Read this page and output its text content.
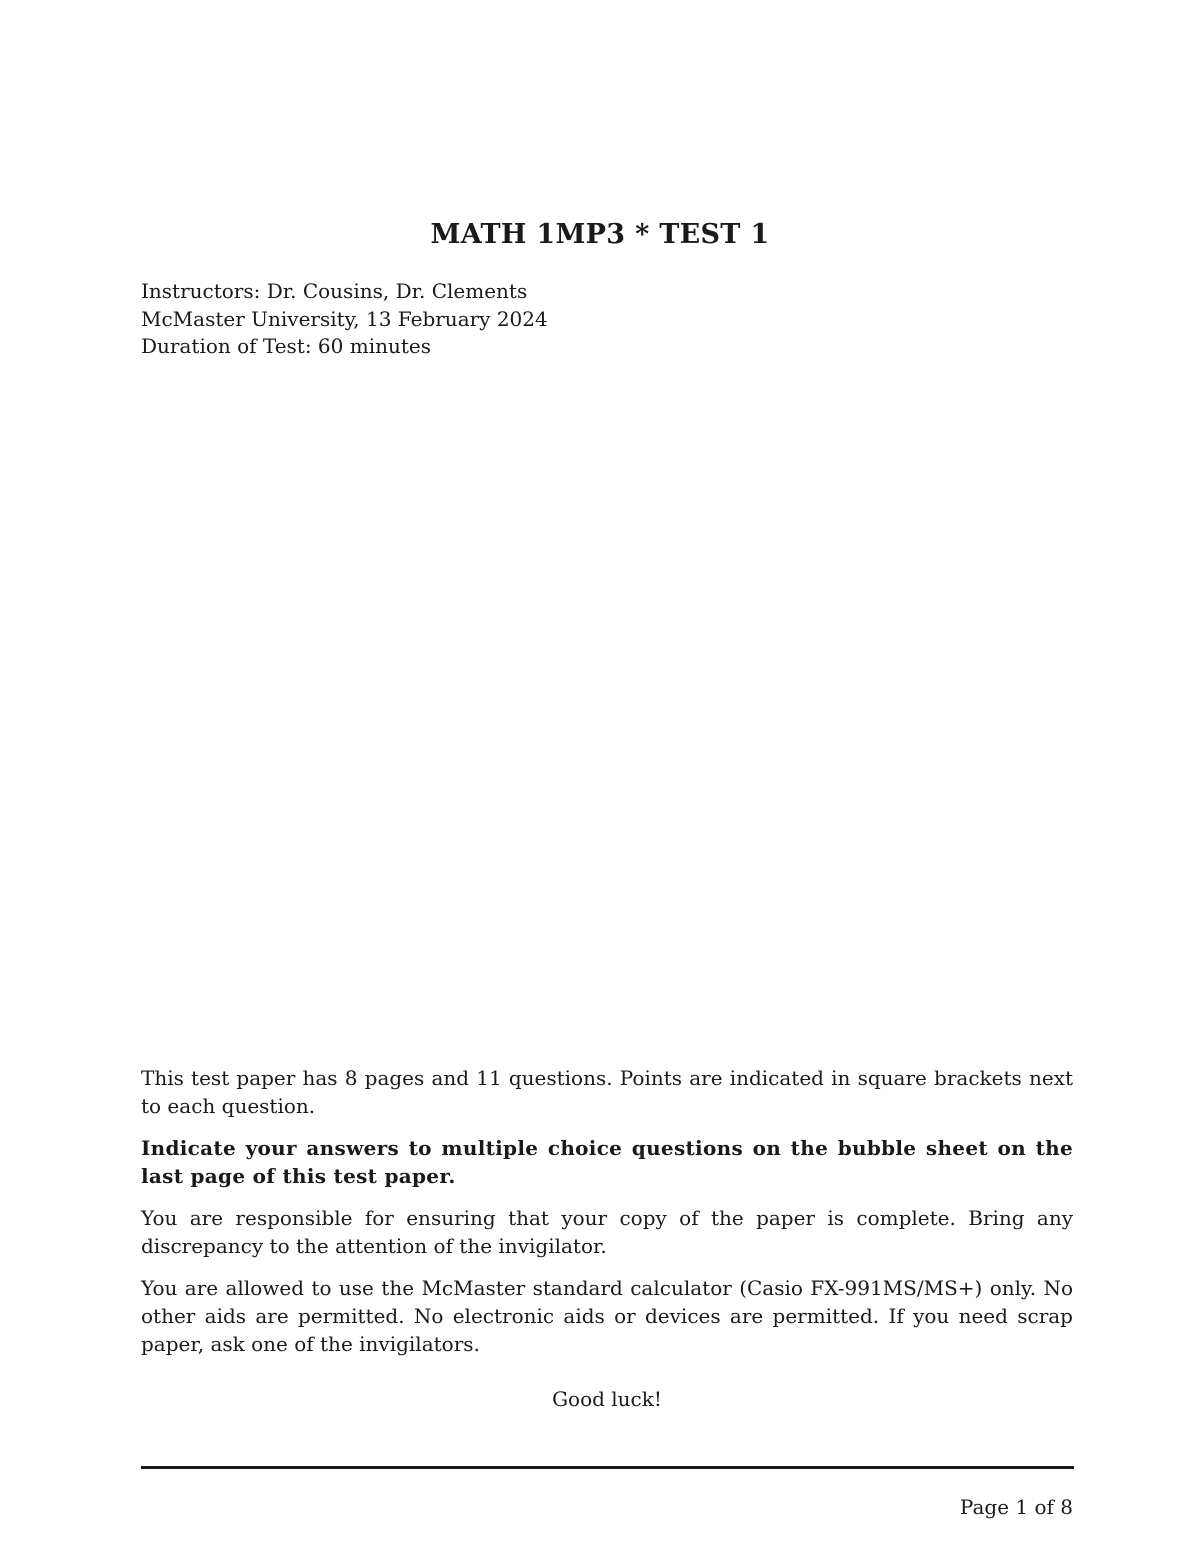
MATH 1MP3 * TEST 1
Instructors: Dr. Cousins, Dr. Clements
McMaster University, 13 February 2024
Duration of Test: 60 minutes

This test paper has 8 pages and 11 questions. Points are indicated in square brackets next to each question.

Indicate your answers to multiple choice questions on the bubble sheet on the last page of this test paper.

You are responsible for ensuring that your copy of the paper is complete. Bring any discrepancy to the attention of the invigilator.

You are allowed to use the McMaster standard calculator (Casio FX-991MS/MS+) only. No other aids are permitted. No electronic aids or devices are permitted. If you need scrap paper, ask one of the invigilators.

Good luck!
Page 1 of 8
